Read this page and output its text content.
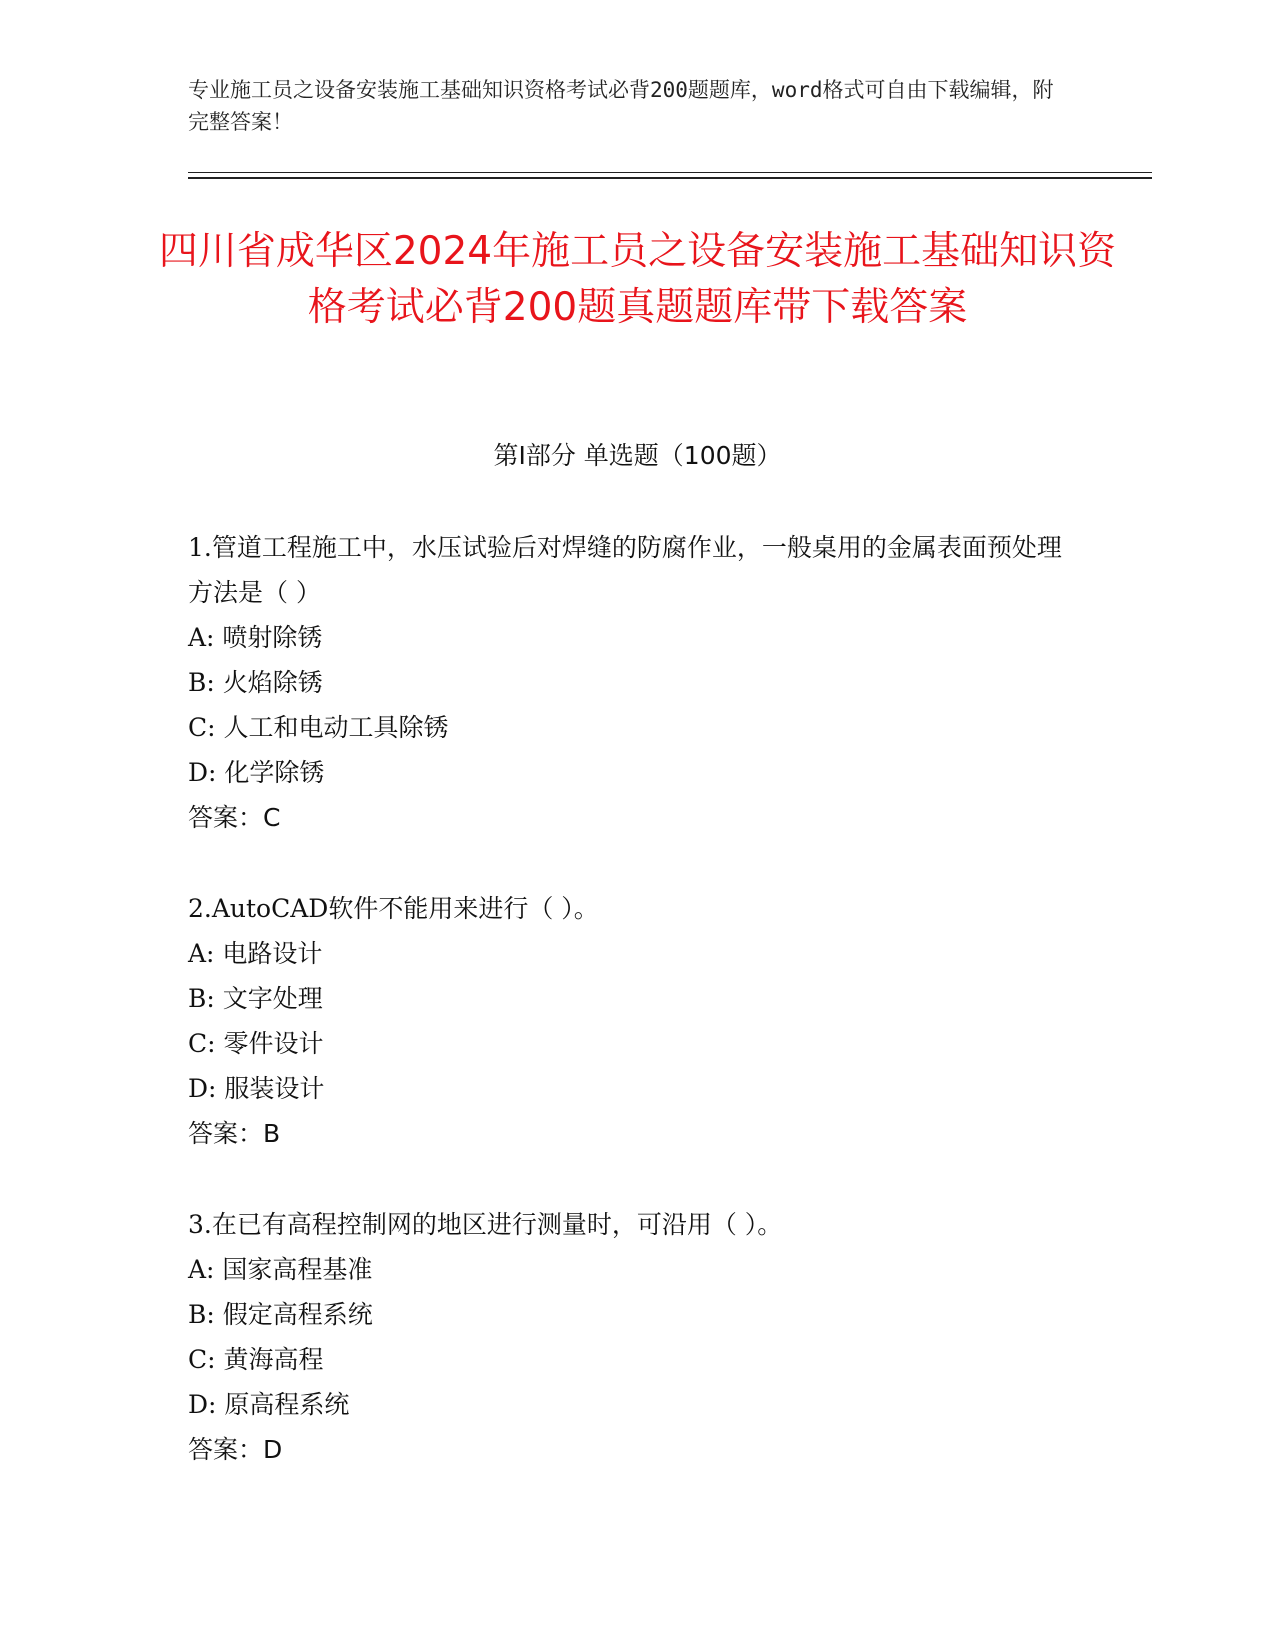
专业施工员之设备安装施工基础知识资格考试必背200题题库，word格式可自由下载编辑，附完整答案！
四川省成华区2024年施工员之设备安装施工基础知识资格考试必背200题真题题库带下载答案
第Ⅰ部分 单选题（100题）
1.管道工程施工中，水压试验后对焊缝的防腐作业，一般桌用的金属表面预处理方法是（ ）
A: 喷射除锈
B: 火焰除锈
C: 人工和电动工具除锈
D: 化学除锈
答案：C
2.AutoCAD软件不能用来进行（ ）。
A: 电路设计
B: 文字处理
C: 零件设计
D: 服装设计
答案：B
3.在已有高程控制网的地区进行测量时，可沿用（ ）。
A: 国家高程基准
B: 假定高程系统
C: 黄海高程
D: 原高程系统
答案：D
